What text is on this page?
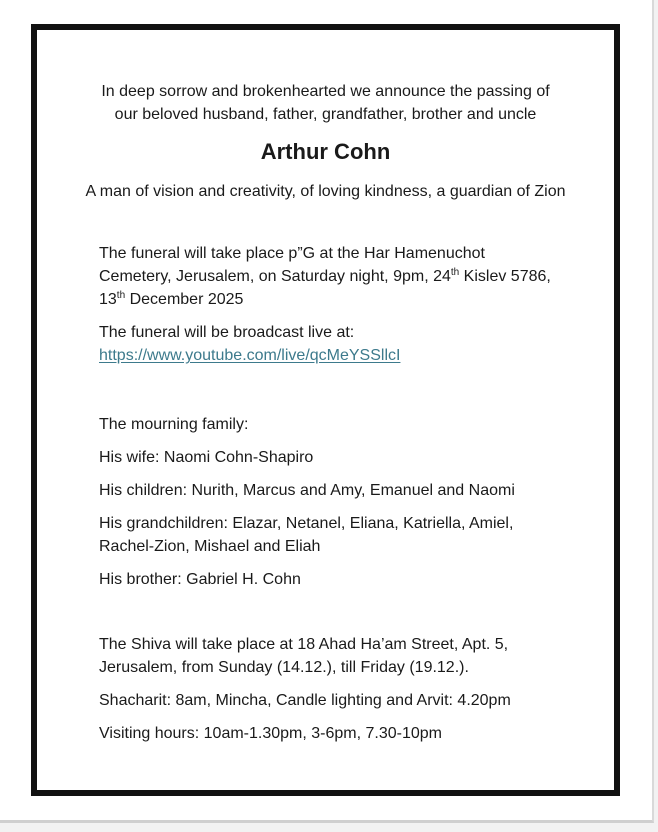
In deep sorrow and brokenhearted we announce the passing of
our beloved husband, father, grandfather, brother and uncle

Arthur Cohn

A man of vision and creativity, of loving kindness, a guardian of Zion

The funeral will take place p”G at the Har Hamenuchot
Cemetery, Jerusalem, on Saturday night, 9pm, 24th Kislev 5786,
13th December 2025

The funeral will be broadcast live at:
https://www.youtube.com/live/qcMeYSSllcI

The mourning family:

His wife: Naomi Cohn-Shapiro

His children: Nurith, Marcus and Amy, Emanuel and Naomi

His grandchildren: Elazar, Netanel, Eliana, Katriella, Amiel,
Rachel-Zion, Mishael and Eliah

His brother: Gabriel H. Cohn

The Shiva will take place at 18 Ahad Ha’am Street, Apt. 5,
Jerusalem, from Sunday (14.12.), till Friday (19.12.).

Shacharit: 8am, Mincha, Candle lighting and Arvit: 4.20pm

Visiting hours: 10am-1.30pm, 3-6pm, 7.30-10pm
